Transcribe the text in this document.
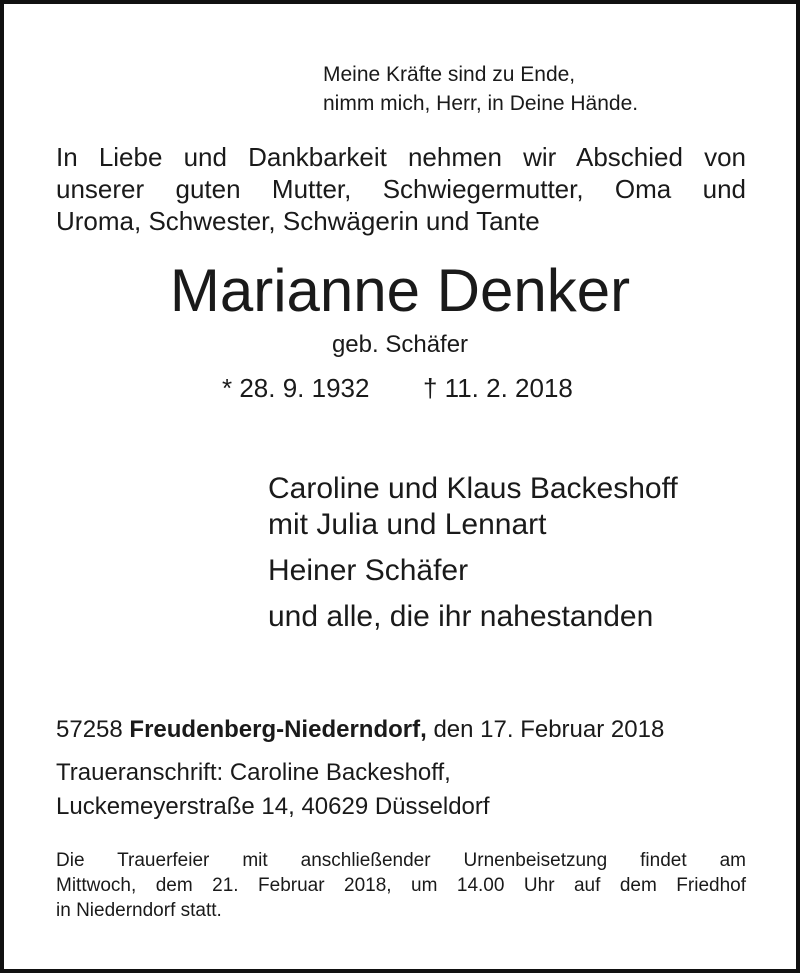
Meine Kräfte sind zu Ende,
nimm mich, Herr, in Deine Hände.
In Liebe und Dankbarkeit nehmen wir Abschied von
unserer guten Mutter, Schwiegermutter, Oma und
Uroma, Schwester, Schwägerin und Tante
Marianne Denker
geb. Schäfer
* 28. 9. 1932 † 11. 2. 2018
Caroline und Klaus Backeshoff
mit Julia und Lennart
Heiner Schäfer
und alle, die ihr nahestanden
57258 Freudenberg-Niederndorf, den 17. Februar 2018
Traueranschrift: Caroline Backeshoff,
Luckemeyerstraße 14, 40629 Düsseldorf
Die Trauerfeier mit anschließender Urnenbeisetzung findet am
Mittwoch, dem 21. Februar 2018, um 14.00 Uhr auf dem Friedhof
in Niederndorf statt.
